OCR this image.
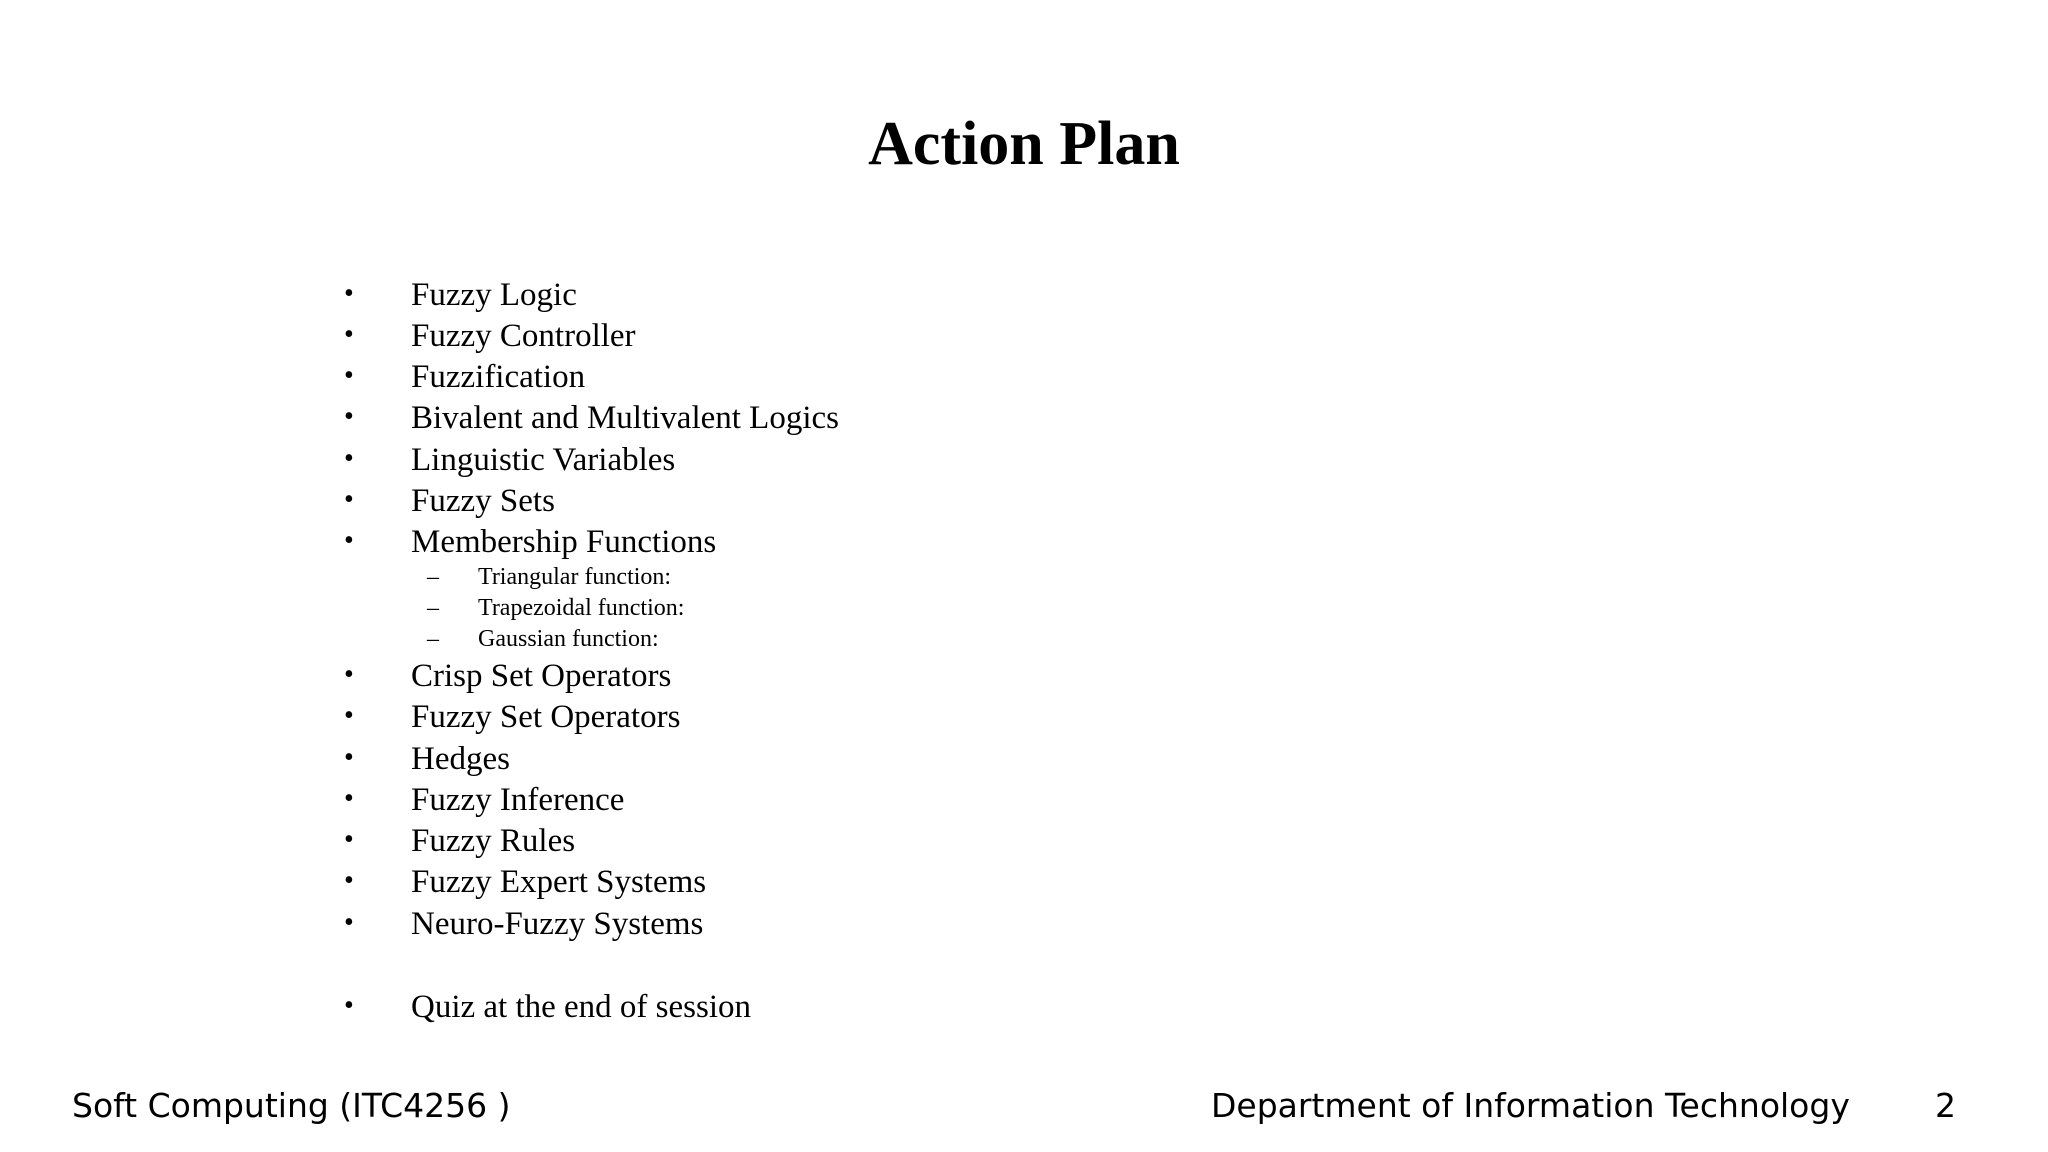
Action Plan
• Fuzzy Logic
• Fuzzy Controller
• Fuzzification
• Bivalent and Multivalent Logics
• Linguistic Variables
• Fuzzy Sets
• Membership Functions
– Triangular function:
– Trapezoidal function:
– Gaussian function:
• Crisp Set Operators
• Fuzzy Set Operators
• Hedges
• Fuzzy Inference
• Fuzzy Rules
• Fuzzy Expert Systems
• Neuro-Fuzzy Systems
• Quiz at the end of session
Soft Computing (ITC4256 )	Department of Information Technology	2
